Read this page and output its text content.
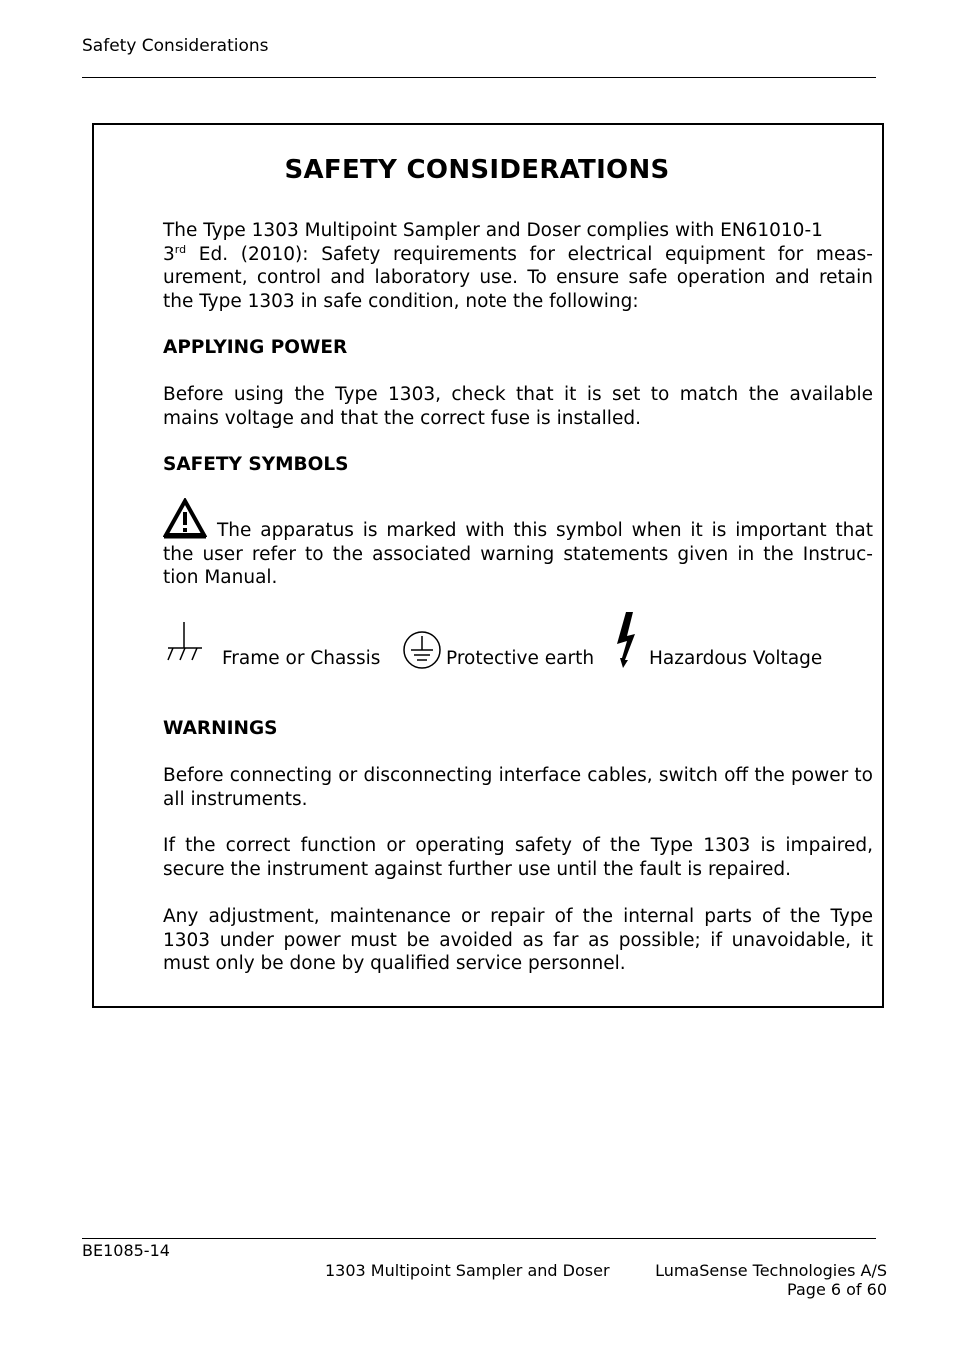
Safety Considerations
SAFETY CONSIDERATIONS
The Type 1303 Multipoint Sampler and Doser complies with EN61010-1
3rd Ed. (2010): Safety requirements for electrical equipment for meas-urement, control and laboratory use. To ensure safe operation and retain the Type 1303 in safe condition, note the following:
APPLYING POWER
Before using the Type 1303, check that it is set to match the available mains voltage and that the correct fuse is installed.
SAFETY SYMBOLS
The apparatus is marked with this symbol when it is important that the user refer to the associated warning statements given in the Instruc-tion Manual.
Frame or Chassis	Protective earth	Hazardous Voltage
WARNINGS
Before connecting or disconnecting interface cables, switch off the power to all instruments.
If the correct function or operating safety of the Type 1303 is impaired, secure the instrument against further use until the fault is repaired.
Any adjustment, maintenance or repair of the internal parts of the Type 1303 under power must be avoided as far as possible; if unavoidable, it must only be done by qualified service personnel.
BE1085-14
1303 Multipoint Sampler and Doser	LumaSense Technologies A/S
Page 6 of 60
